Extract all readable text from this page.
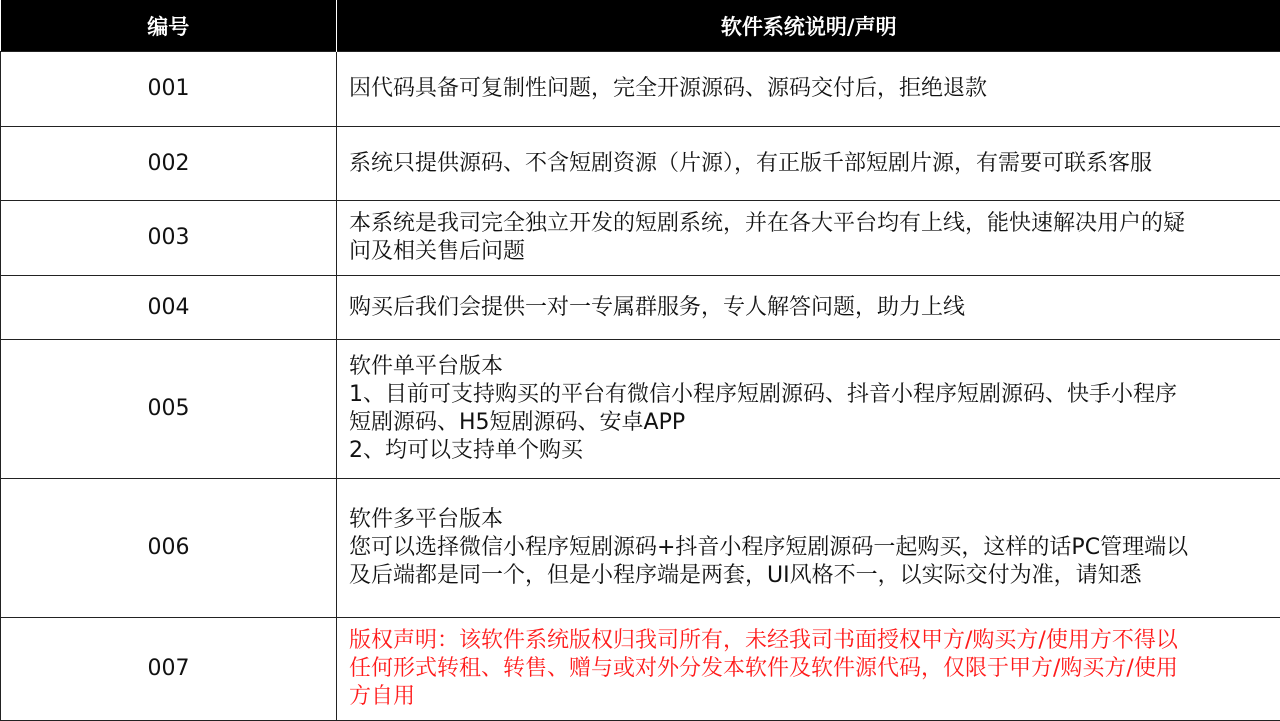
编号	软件系统说明/声明
001	因代码具备可复制性问题，完全开源源码、源码交付后，拒绝退款

002	系统只提供源码、不含短剧资源（片源），有正版千部短剧片源，有需要可联系客服

003	本系统是我司完全独立开发的短剧系统，并在各大平台均有上线，能快速解决用户的疑
问及相关售后问题

004	购买后我们会提供一对一专属群服务，专人解答问题，助力上线

005	软件单平台版本
1、目前可支持购买的平台有微信小程序短剧源码、抖音小程序短剧源码、快手小程序
短剧源码、H5短剧源码、安卓APP
2、均可以支持单个购买

006	软件多平台版本
您可以选择微信小程序短剧源码+抖音小程序短剧源码一起购买，这样的话PC管理端以
及后端都是同一个，但是小程序端是两套，UI风格不一，以实际交付为准，请知悉

007	版权声明：该软件系统版权归我司所有，未经我司书面授权甲方/购买方/使用方不得以
任何形式转租、转售、赠与或对外分发本软件及软件源代码，仅限于甲方/购买方/使用
方自用
